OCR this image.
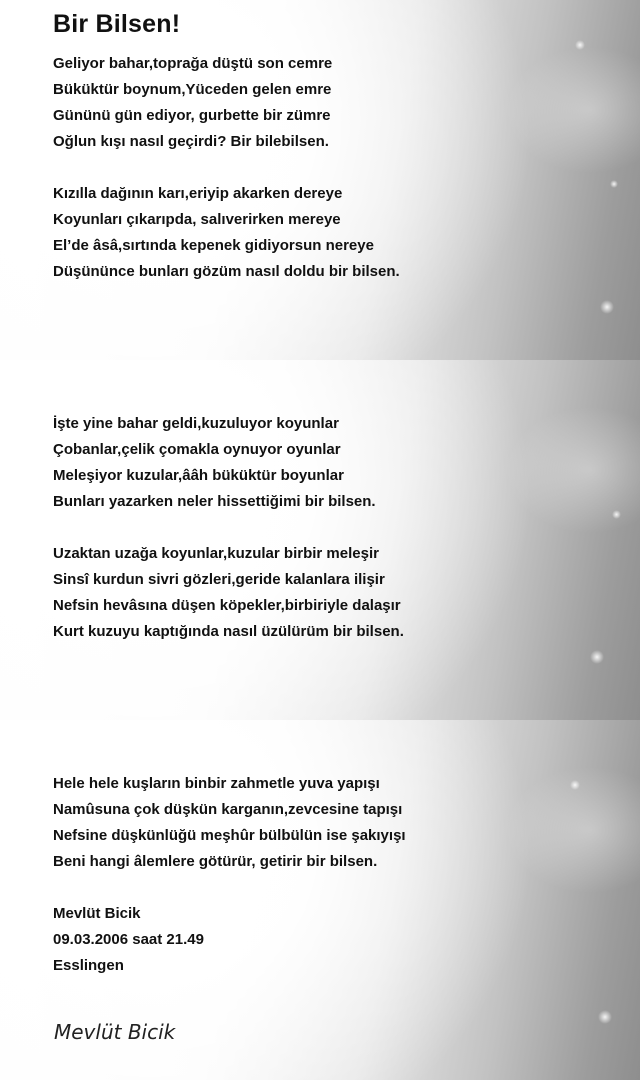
Bir Bilsen!
Geliyor bahar,toprağa düştü son cemre
Büküktür boynum,Yüceden gelen emre
Gününü gün ediyor, gurbette bir zümre
Oğlun kışı nasıl geçirdi? Bir bilebilsen.
Kızılla dağının karı,eriyip akarken dereye
Koyunları çıkarıpda, salıverirken mereye
El’de âsâ,sırtında kepenek gidiyorsun nereye
Düşününce bunları gözüm nasıl doldu bir bilsen.
İşte yine bahar geldi,kuzuluyor koyunlar
Çobanlar,çelik çomakla oynuyor oyunlar
Meleşiyor kuzular,ââh büküktür boyunlar
Bunları yazarken neler hissettiğimi bir bilsen.
Uzaktan uzağa koyunlar,kuzular birbir meleşir
Sinsî kurdun sivri gözleri,geride kalanlara ilişir
Nefsin hevâsına düşen köpekler,birbiriyle dalaşır
Kurt kuzuyu kaptığında nasıl üzülürüm bir bilsen.
Hele hele kuşların binbir zahmetle yuva yapışı
Namûsuna çok düşkün karganın,zevcesine tapışı
Nefsine düşkünlüğü meşhûr bülbülün ise şakıyışı
Beni hangi âlemlere götürür, getirir bir bilsen.
Mevlüt Bicik
09.03.2006 saat 21.49
Esslingen
Mevlüt Bicik
